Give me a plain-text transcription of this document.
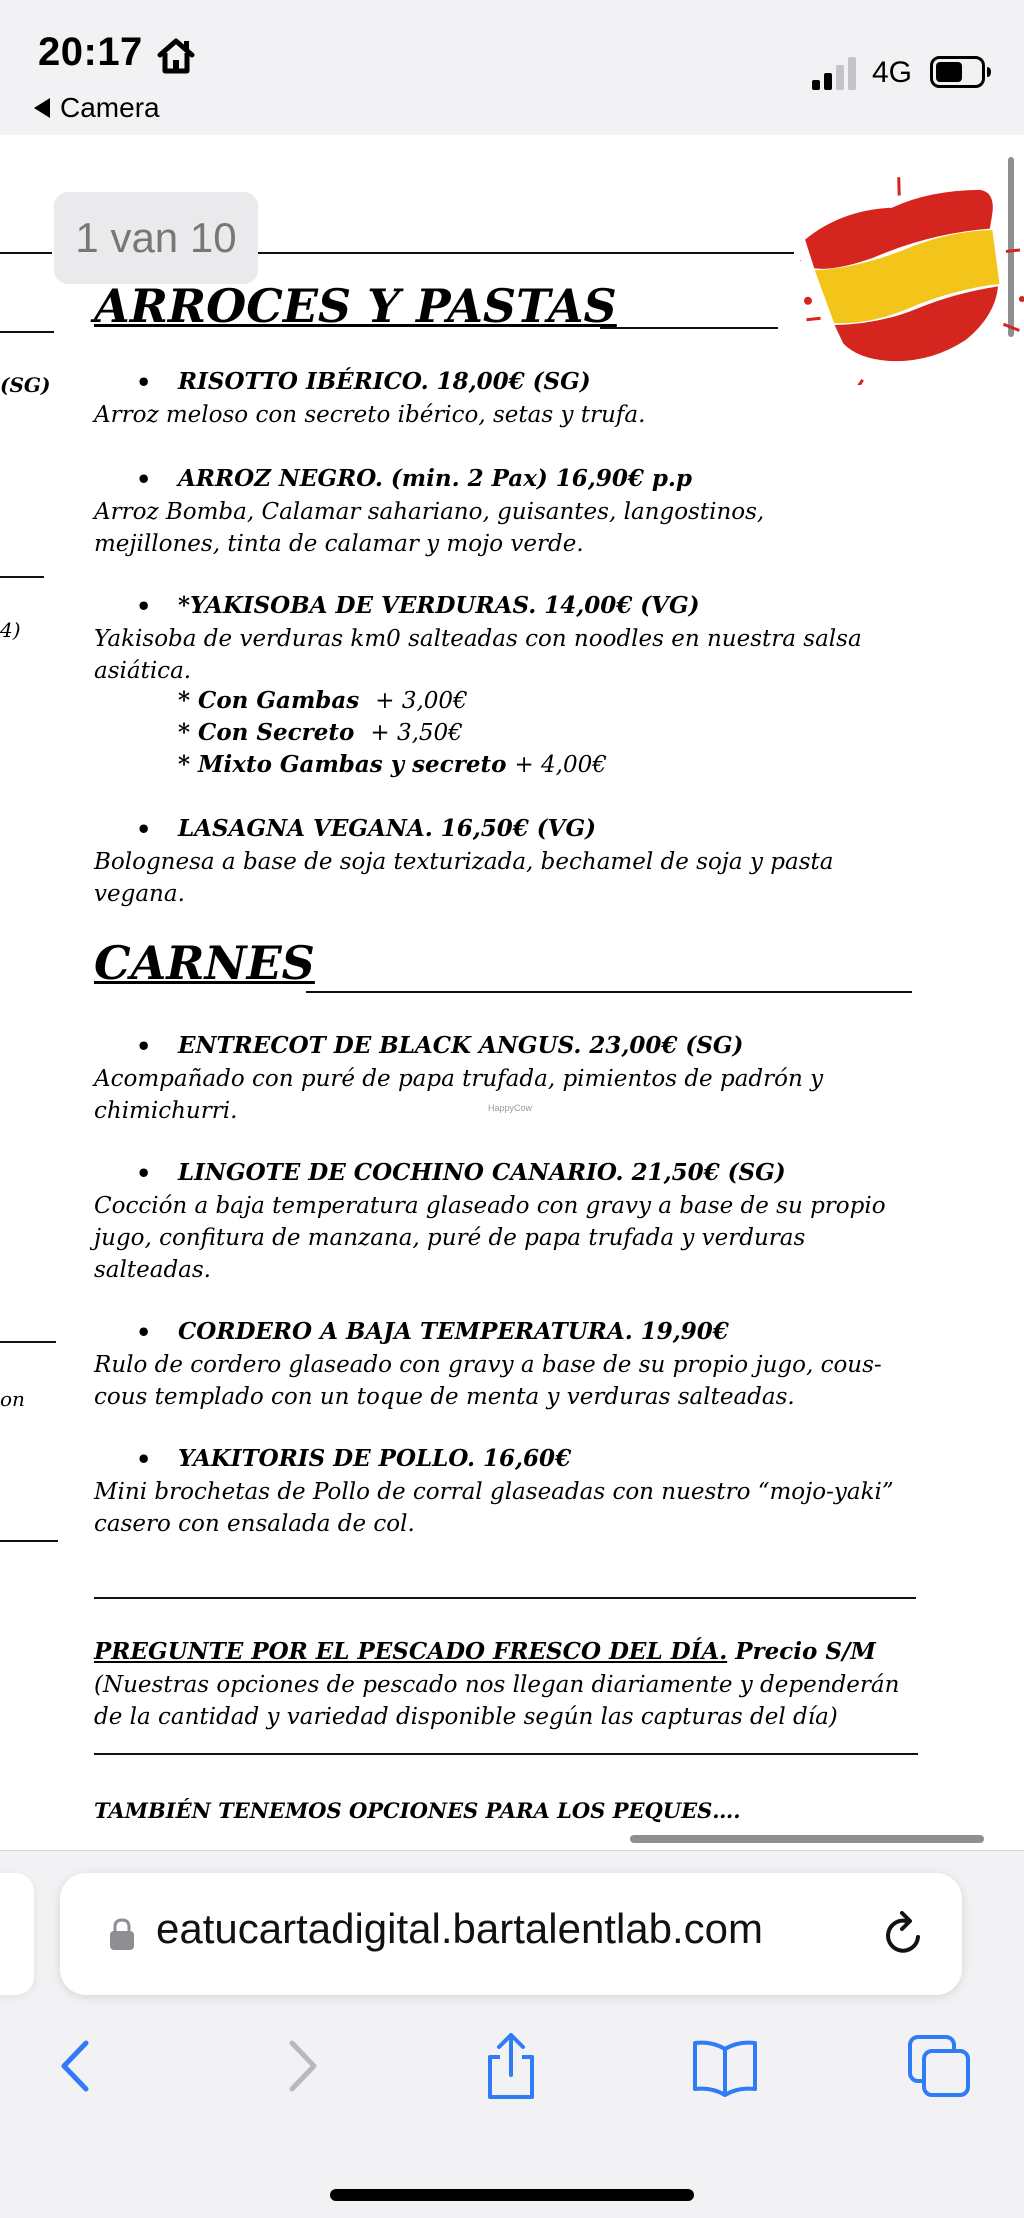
20:17
Camera
4G
(SG)
4)
on
1 van 10
ARROCES Y PASTAS
• RISOTTO IBÉRICO. 18,00€ (SG)
Arroz meloso con secreto ibérico, setas y trufa.
• ARROZ NEGRO. (min. 2 Pax) 16,90€ p.p
Arroz Bomba, Calamar sahariano, guisantes, langostinos,
mejillones, tinta de calamar y mojo verde.
• *YAKISOBA DE VERDURAS. 14,00€ (VG)
Yakisoba de verduras km0 salteadas con noodles en nuestra salsa
asiática.
* Con Gambas + 3,00€
* Con Secreto + 3,50€
* Mixto Gambas y secreto + 4,00€
• LASAGNA VEGANA. 16,50€ (VG)
Bolognesa a base de soja texturizada, bechamel de soja y pasta
vegana.
CARNES
• ENTRECOT DE BLACK ANGUS. 23,00€ (SG)
Acompañado con puré de papa trufada, pimientos de padrón y
chimichurri.	HappyCow
• LINGOTE DE COCHINO CANARIO. 21,50€ (SG)
Cocción a baja temperatura glaseado con gravy a base de su propio
jugo, confitura de manzana, puré de papa trufada y verduras
salteadas.
• CORDERO A BAJA TEMPERATURA. 19,90€
Rulo de cordero glaseado con gravy a base de su propio jugo, cous-
cous templado con un toque de menta y verduras salteadas.
• YAKITORIS DE POLLO. 16,60€
Mini brochetas de Pollo de corral glaseadas con nuestro “mojo-yaki”
casero con ensalada de col.
PREGUNTE POR EL PESCADO FRESCO DEL DÍA. Precio S/M
(Nuestras opciones de pescado nos llegan diariamente y dependerán
de la cantidad y variedad disponible según las capturas del día)
TAMBIÉN TENEMOS OPCIONES PARA LOS PEQUES….
eatucartadigital.bartalentlab.com
